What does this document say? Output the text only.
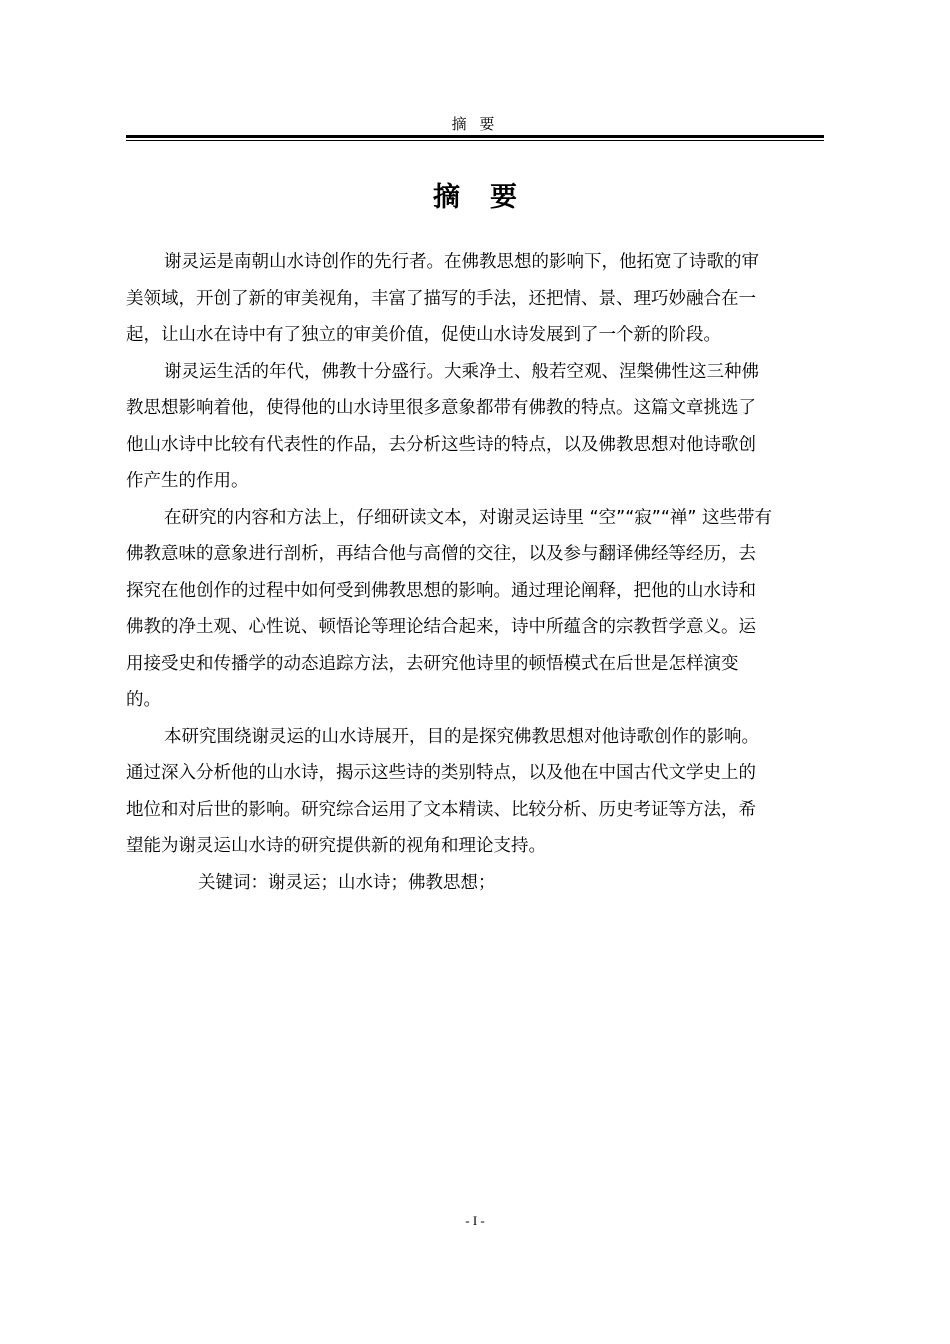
摘 要
摘要

谢灵运是南朝山水诗创作的先行者。在佛教思想的影响下，他拓宽了诗歌的审
美领域，开创了新的审美视角，丰富了描写的手法，还把情、景、理巧妙融合在一
起，让山水在诗中有了独立的审美价值，促使山水诗发展到了一个新的阶段。

谢灵运生活的年代，佛教十分盛行。大乘净土、般若空观、涅槃佛性这三种佛
教思想影响着他，使得他的山水诗里很多意象都带有佛教的特点。这篇文章挑选了
他山水诗中比较有代表性的作品，去分析这些诗的特点，以及佛教思想对他诗歌创
作产生的作用。

在研究的内容和方法上，仔细研读文本，对谢灵运诗里 “空”“寂”“禅” 这些带有
佛教意味的意象进行剖析，再结合他与高僧的交往，以及参与翻译佛经等经历，去
探究在他创作的过程中如何受到佛教思想的影响。通过理论阐释，把他的山水诗和
佛教的净土观、心性说、顿悟论等理论结合起来，诗中所蕴含的宗教哲学意义。运
用接受史和传播学的动态追踪方法，去研究他诗里的顿悟模式在后世是怎样演变
的。

本研究围绕谢灵运的山水诗展开，目的是探究佛教思想对他诗歌创作的影响。
通过深入分析他的山水诗，揭示这些诗的类别特点，以及他在中国古代文学史上的
地位和对后世的影响。研究综合运用了文本精读、比较分析、历史考证等方法，希
望能为谢灵运山水诗的研究提供新的视角和理论支持。

关键词：谢灵运；山水诗；佛教思想；

- I -
